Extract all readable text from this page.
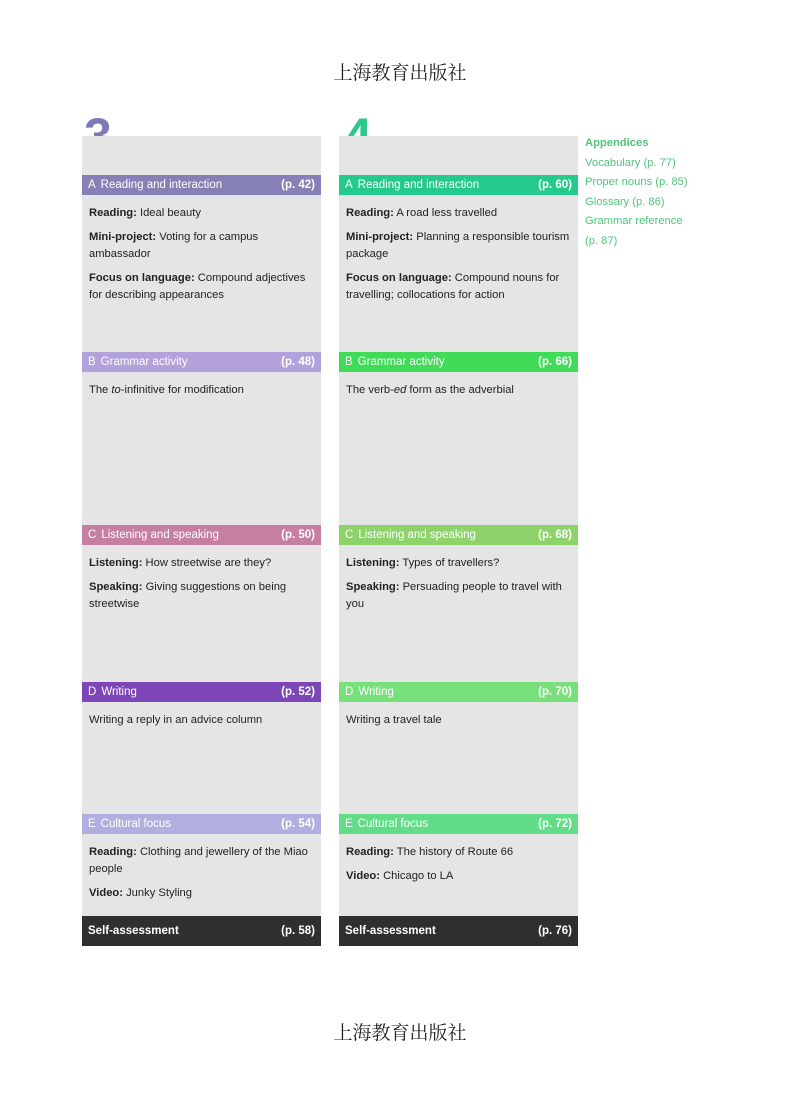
上海教育出版社
A Reading and interaction	(p. 42)

Reading: Ideal beauty

Mini-project: Voting for a campus ambassador

Focus on language: Compound adjectives for describing appearances

B Grammar activity	(p. 48)

The to-infinitive for modification

C Listening and speaking	(p. 50)

Listening: How streetwise are they?

Speaking: Giving suggestions on being streetwise

D Writing	(p. 52)

Writing a reply in an advice column

E Cultural focus	(p. 54)

Reading: Clothing and jewellery of the Miao people

Video: Junky Styling

Self-assessment	(p. 58)
A Reading and interaction	(p. 60)

Reading: A road less travelled

Mini-project: Planning a responsible tourism package

Focus on language: Compound nouns for travelling; collocations for action

B Grammar activity	(p. 66)

The verb-ed form as the adverbial

C Listening and speaking	(p. 68)

Listening: Types of travellers?

Speaking: Persuading people to travel with you

D Writing	(p. 70)

Writing a travel tale

E Cultural focus	(p. 72)

Reading: The history of Route 66

Video: Chicago to LA

Self-assessment	(p. 76)
Appendices
Vocabulary (p. 77)
Proper nouns (p. 85)
Glossary (p. 86)
Grammar reference
(p. 87)
上海教育出版社
